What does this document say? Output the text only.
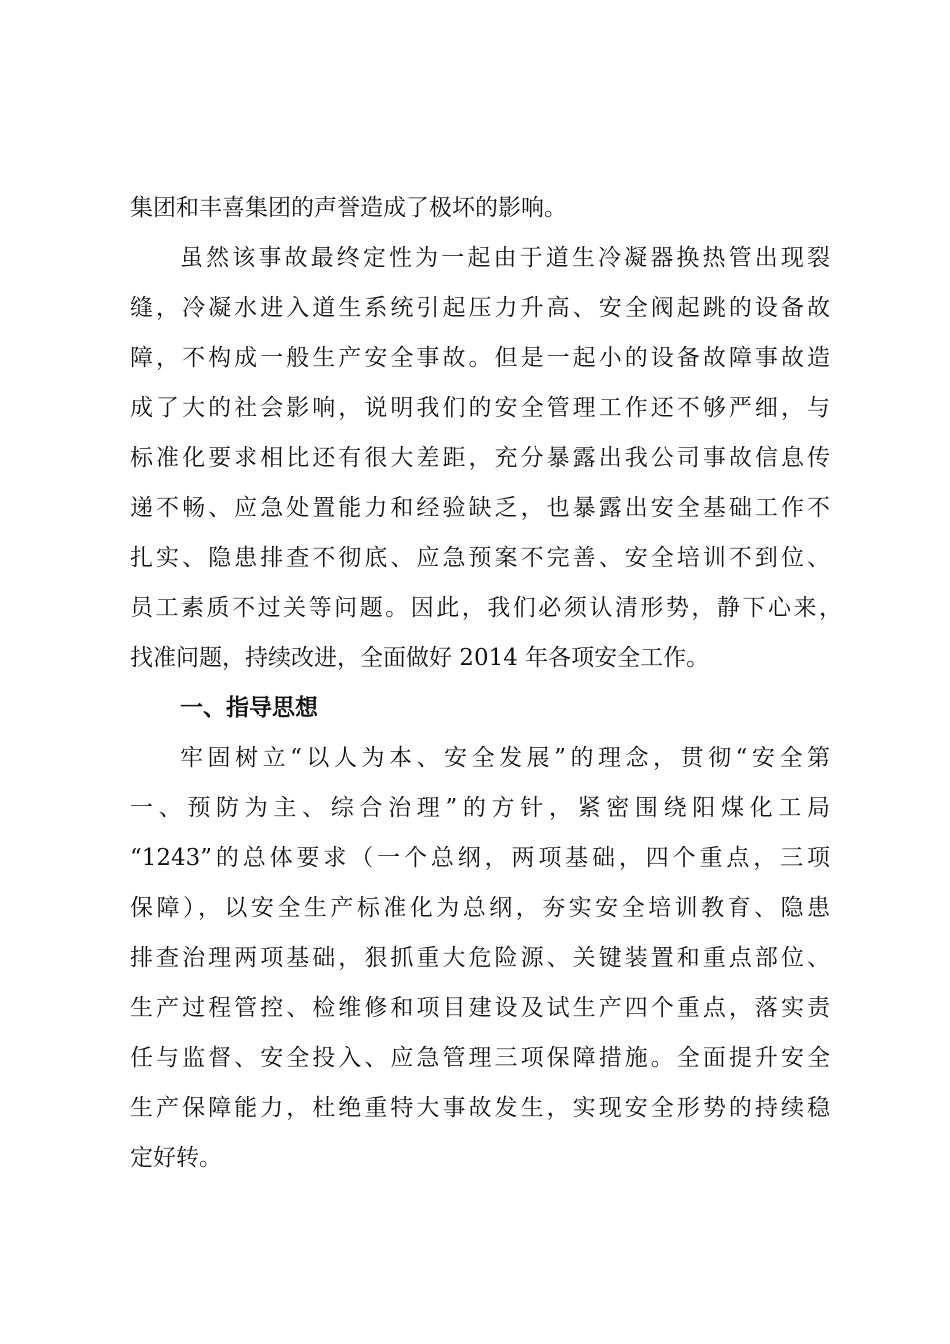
集团和丰喜集团的声誉造成了极坏的影响。
虽然该事故最终定性为一起由于道生冷凝器换热管出现裂
缝，冷凝水进入道生系统引起压力升高、安全阀起跳的设备故
障，不构成一般生产安全事故。但是一起小的设备故障事故造
成了大的社会影响，说明我们的安全管理工作还不够严细，与
标准化要求相比还有很大差距，充分暴露出我公司事故信息传
递不畅、应急处置能力和经验缺乏，也暴露出安全基础工作不
扎实、隐患排查不彻底、应急预案不完善、安全培训不到位、
员工素质不过关等问题。因此，我们必须认清形势，静下心来，
找准问题，持续改进，全面做好 2014 年各项安全工作。
一、指导思想
牢固树立“以人为本、安全发展”的理念，贯彻“安全第
一、预防为主、综合治理”的方针，紧密围绕阳煤化工局
“1243”的总体要求（一个总纲，两项基础，四个重点，三项
保障），以安全生产标准化为总纲，夯实安全培训教育、隐患
排查治理两项基础，狠抓重大危险源、关键装置和重点部位、
生产过程管控、检维修和项目建设及试生产四个重点，落实责
任与监督、安全投入、应急管理三项保障措施。全面提升安全
生产保障能力，杜绝重特大事故发生，实现安全形势的持续稳
定好转。
